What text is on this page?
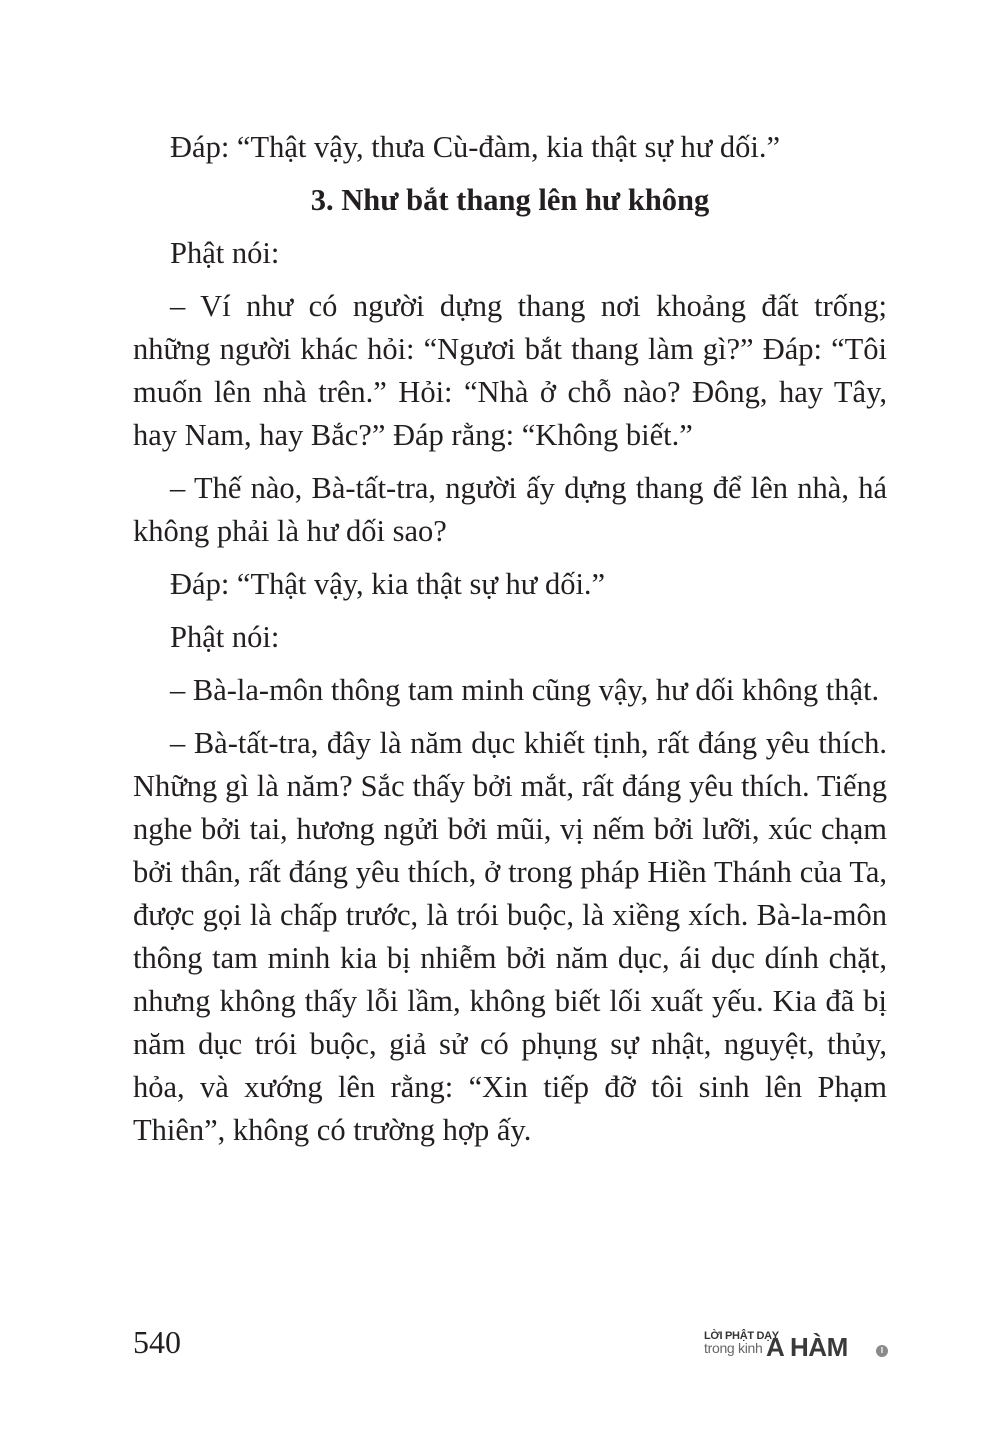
Đáp: “Thật vậy, thưa Cù-đàm, kia thật sự hư dối.”

3. Như bắt thang lên hư không

Phật nói:

– Ví như có người dựng thang nơi khoảng đất trống; những người khác hỏi: “Ngươi bắt thang làm gì?” Đáp: “Tôi muốn lên nhà trên.” Hỏi: “Nhà ở chỗ nào? Đông, hay Tây, hay Nam, hay Bắc?” Đáp rằng: “Không biết.”

– Thế nào, Bà-tất-tra, người ấy dựng thang để lên nhà, há không phải là hư dối sao?

Đáp: “Thật vậy, kia thật sự hư dối.”

Phật nói:

– Bà-la-môn thông tam minh cũng vậy, hư dối không thật.

– Bà-tất-tra, đây là năm dục khiết tịnh, rất đáng yêu thích. Những gì là năm? Sắc thấy bởi mắt, rất đáng yêu thích. Tiếng nghe bởi tai, hương ngửi bởi mũi, vị nếm bởi lưỡi, xúc chạm bởi thân, rất đáng yêu thích, ở trong pháp Hiền Thánh của Ta, được gọi là chấp trước, là trói buộc, là xiềng xích. Bà-la-môn thông tam minh kia bị nhiễm bởi năm dục, ái dục dính chặt, nhưng không thấy lỗi lầm, không biết lối xuất yếu. Kia đã bị năm dục trói buộc, giả sử có phụng sự nhật, nguyệt, thủy, hỏa, và xướng lên rằng: “Xin tiếp đỡ tôi sinh lên Phạm Thiên”, không có trường hợp ấy.

540	LỜI PHẬT DẠY
trong kinh A HÀM	I
